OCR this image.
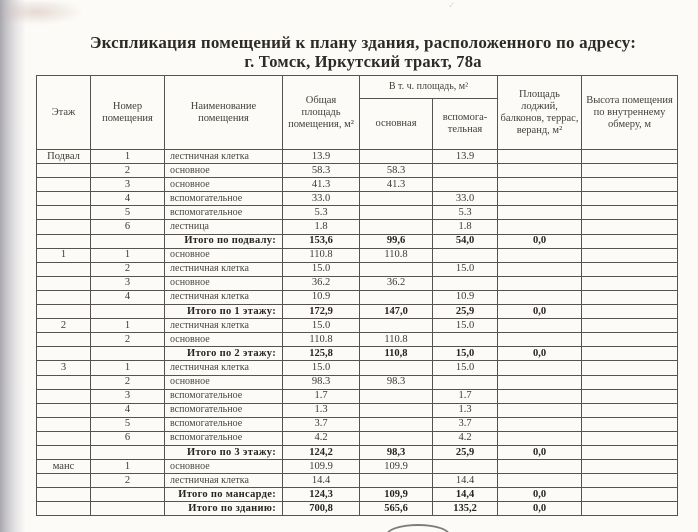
✓
Экспликация помещений к плану здания, расположенного по адресу:
г. Томск, Иркутский тракт, 78а
Этаж	Номер помещения	Наименование помещения	Общая площадь помещения, м²	В т. ч. площадь, м²		Площадь лоджий, балконов, террас, веранд, м²	Высота помещения по внутреннему обмеру, м
				основная	вспомога- тельная		
Подвал	1	лестничная клетка	13.9		13.9		
	2	основное	58.3	58.3			
	3	основное	41.3	41.3			
	4	вспомогательное	33.0		33.0		
	5	вспомогательное	5.3		5.3		
	6	лестница	1.8		1.8		
		Итого по подвалу:	153,6	99,6	54,0	0,0	
1	1	основное	110.8	110.8			
	2	лестничная клетка	15.0		15.0		
	3	основное	36.2	36.2			
	4	лестничная клетка	10.9		10.9		
		Итого по 1 этажу:	172,9	147,0	25,9	0,0	
2	1	лестничная клетка	15.0		15.0		
	2	основное	110.8	110.8			
		Итого по 2 этажу:	125,8	110,8	15,0	0,0	
3	1	лестничная клетка	15.0		15.0		
	2	основное	98.3	98.3			
	3	вспомогательное	1.7		1.7		
	4	вспомогательное	1.3		1.3		
	5	вспомогательное	3.7		3.7		
	6	вспомогательное	4.2		4.2		
		Итого по 3 этажу:	124,2	98,3	25,9	0,0	
манс	1	основное	109.9	109.9			
	2	лестничная клетка	14.4		14.4		
		Итого по мансарде:	124,3	109,9	14,4	0,0	
		Итого по зданию:	700,8	565,6	135,2	0,0	
